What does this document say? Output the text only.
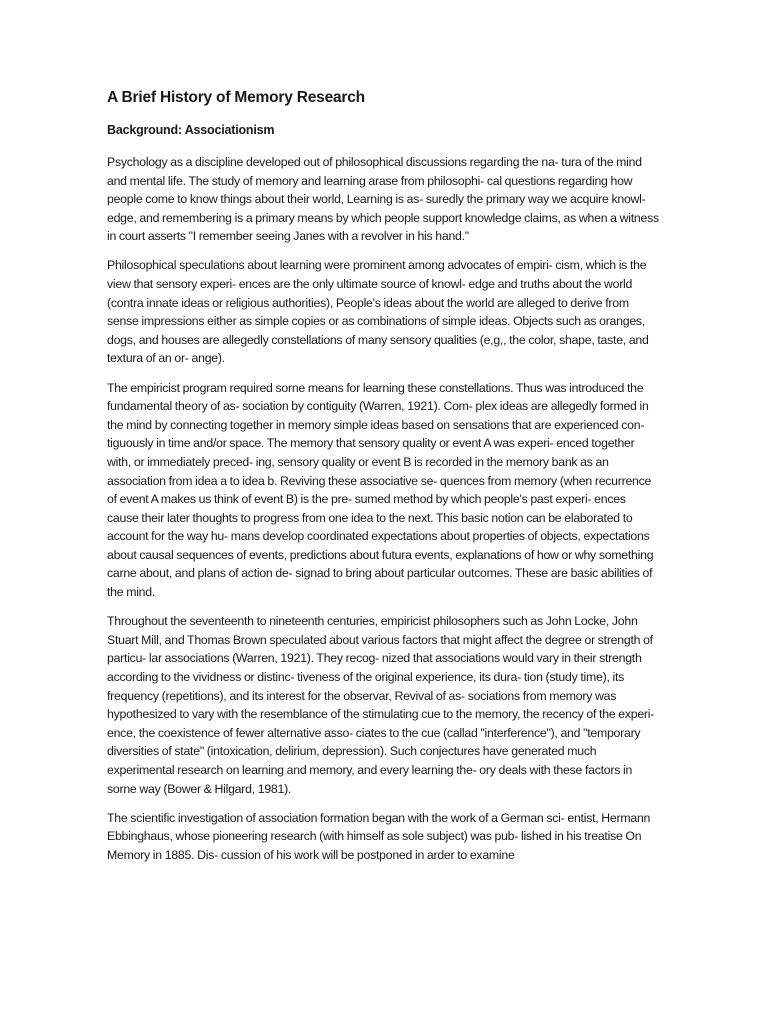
A Brief History of Memory Research
Background: Associationism

Psychology as a discipline developed out of philosophical discussions regarding the na- tura of the mind and mental life. The study of memory and learning arase from philosophi- cal questions regarding how people come to know things about their world, Learning is as- suredly the primary way we acquire knowl- edge, and remembering is a primary means by which people support knowledge claims, as when a witness in court asserts "I remember seeing Janes with a revolver in his hand."

Philosophical speculations about learning were prominent among advocates of empiri- cism, which is the view that sensory experi- ences are the only ultimate source of knowl- edge and truths about the world (contra innate ideas or religious authorities), People's ideas about the world are alleged to derive from sense impressions either as simple copies or as combinations of simple ideas. Objects such as oranges, dogs, and houses are allegedly constellations of many sensory qualities (e,g,, the color, shape, taste, and textura of an or- ange).

The empiricist program required sorne means for learning these constellations. Thus was introduced the fundamental theory of as- sociation by contiguity (Warren, 1921). Com- plex ideas are allegedly formed in the mind by connecting together in memory simple ideas based on sensations that are experienced con- tiguously in time and/or space. The memory that sensory quality or event A was experi- enced together with, or immediately preced- ing, sensory quality or event B is recorded in the memory bank as an association from idea a to idea b. Reviving these associative se- quences from memory (when recurrence of event A makes us think of event B) is the pre- sumed method by which people's past experi- ences cause their later thoughts to progress from one idea to the next. This basic notion can be elaborated to account for the way hu- mans develop coordinated expectations about properties of objects, expectations about causal sequences of events, predictions about futura events, explanations of how or why something carne about, and plans of action de- signad to bring about particular outcomes. These are basic abilities of the mind.

Throughout the seventeenth to nineteenth centuries, empiricist philosophers such as John Locke, John Stuart Mill, and Thomas Brown speculated about various factors that might affect the degree or strength of particu- lar associations (Warren, 1921). They recog- nized that associations would vary in their strength according to the vividness or distinc- tiveness of the original experience, its dura- tion (study time), its frequency (repetitions), and its interest for the observar, Revival of as- sociations from memory was hypothesized to vary with the resemblance of the stimulating cue to the memory, the recency of the experi- ence, the coexistence of fewer alternative asso- ciates to the cue (callad "interference"), and "temporary diversities of state" (intoxication, delirium, depression). Such conjectures have generated much experimental research on learning and memory, and every learning the- ory deals with these factors in sorne way (Bower & Hilgard, 1981).

The scientific investigation of association formation began with the work of a German sci- entist, Hermann Ebbinghaus, whose pioneering research (with himself as sole subject) was pub- lished in his treatise On Memory in 1885. Dis- cussion of his work will be postponed in arder to examine
